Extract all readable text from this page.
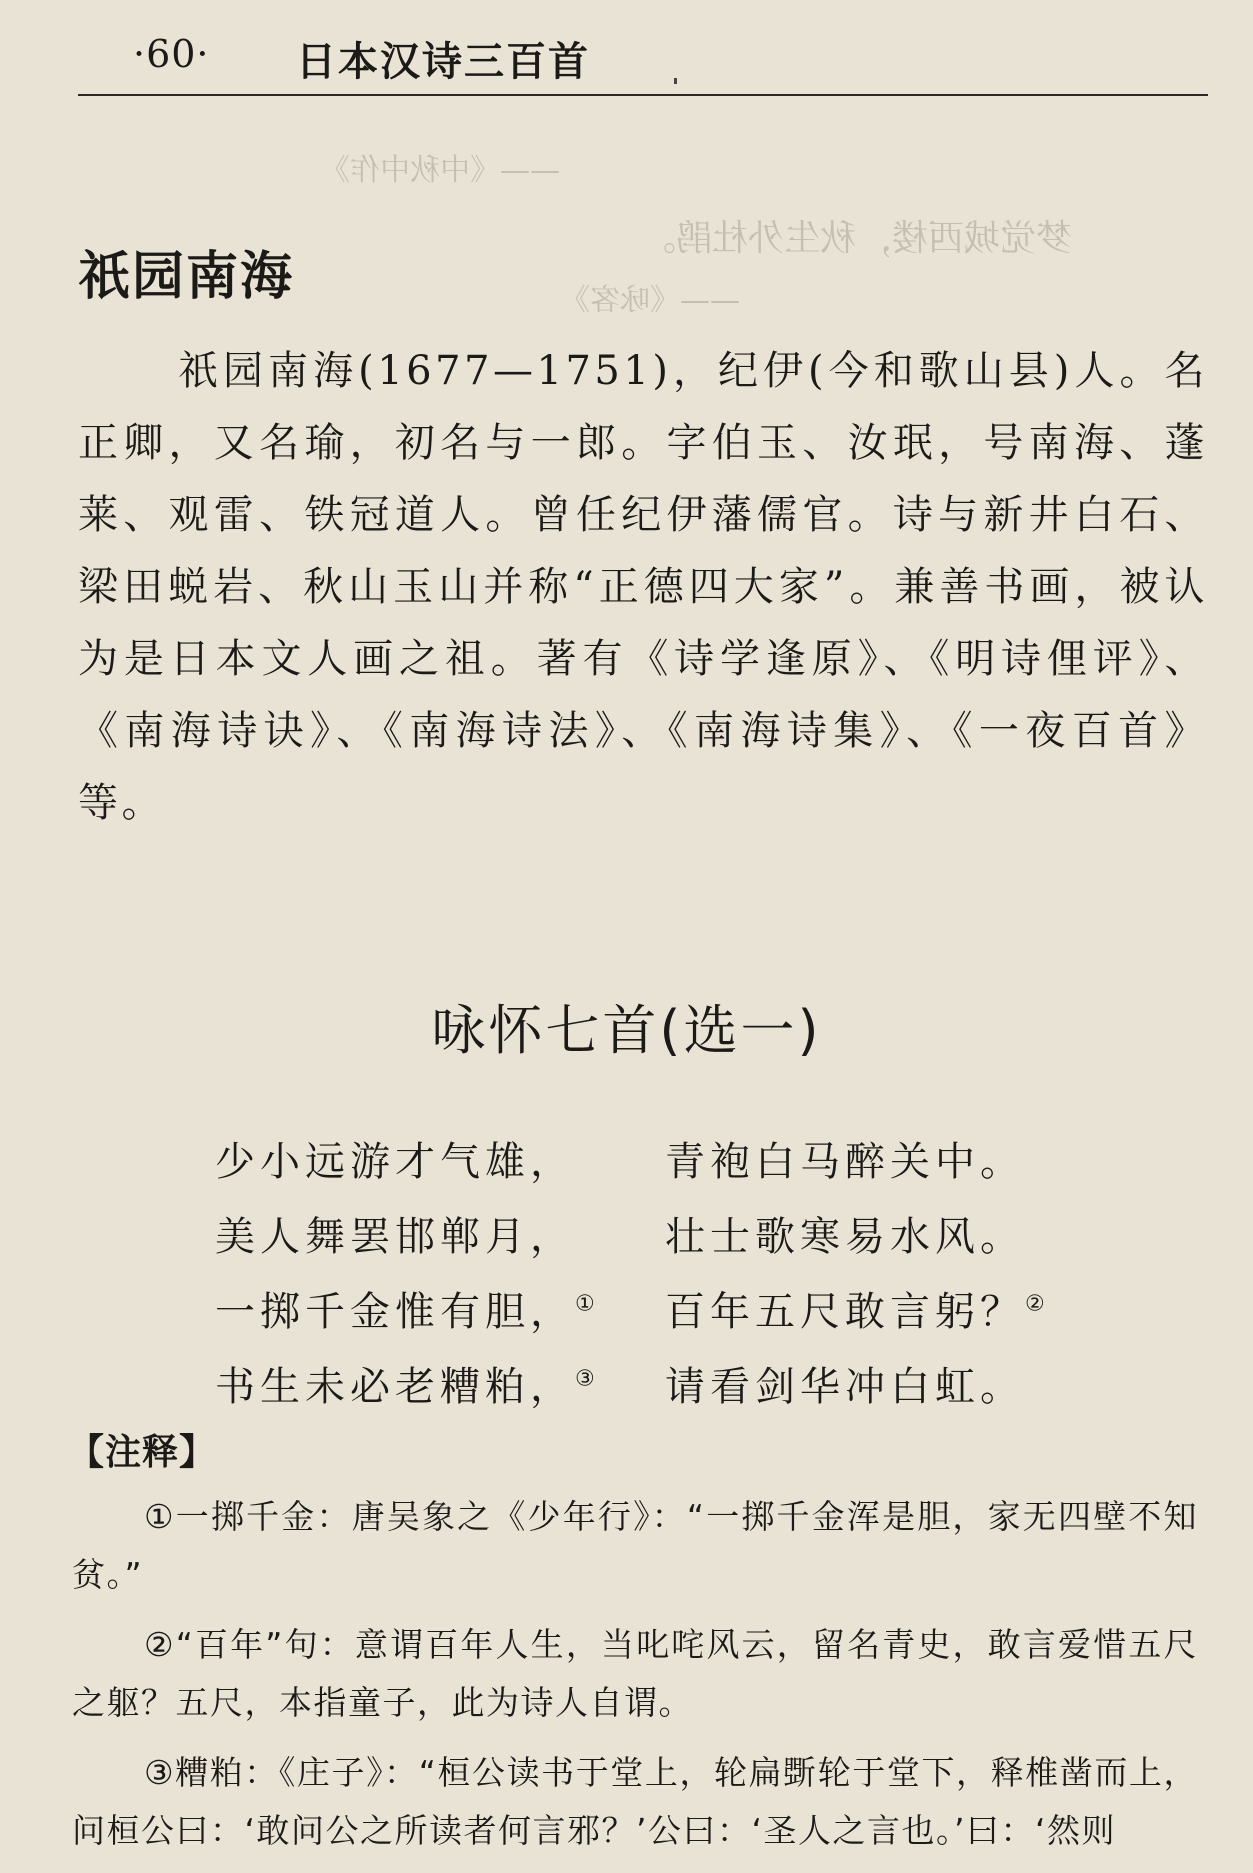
·60· 日本汉诗三百首
——《中秋中作》
梦觉城西楼，秋生外杜鹃。
——《咏客》
祇园南海

祇园南海(1677—1751)，纪伊(今和歌山县)人。名正卿，又名瑜，初名与一郎。字伯玉、汝珉，号南海、蓬莱、观雷、铁冠道人。曾任纪伊藩儒官。诗与新井白石、梁田蜕岩、秋山玉山并称“正德四大家”。兼善书画，被认为是日本文人画之祖。著有《诗学逢原》、《明诗俚评》、《南海诗诀》、《南海诗法》、《南海诗集》、《一夜百首》等。

咏怀七首(选一)
少小远游才气雄，	青袍白马醉关中。
美人舞罢邯郸月，	壮士歌寒易水风。
一掷千金惟有胆，①	百年五尺敢言躬？②
书生未必老糟粕，③	请看剑华冲白虹。
【注释】

①一掷千金：唐吴象之《少年行》：“一掷千金浑是胆，家无四壁不知贫。”

②“百年”句：意谓百年人生，当叱咤风云，留名青史，敢言爱惜五尺之躯？五尺，本指童子，此为诗人自谓。

③糟粕：《庄子》：“桓公读书于堂上，轮扁斲轮于堂下，释椎凿而上，问桓公曰：‘敢问公之所读者何言邪？’公曰：‘圣人之言也。’曰：‘然则
